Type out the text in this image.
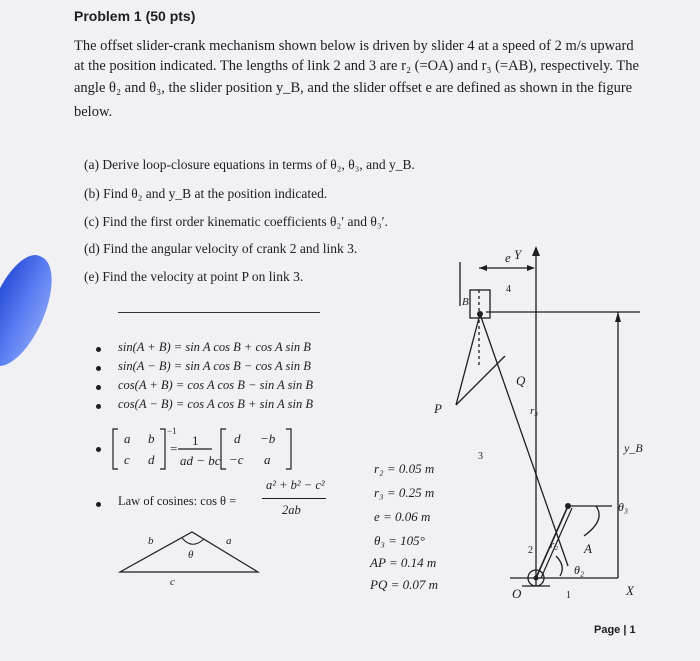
Problem 1 (50 pts)
The offset slider-crank mechanism shown below is driven by slider 4 at a speed of 2 m/s upward
at the position indicated. The lengths of link 2 and 3 are r₂ (=OA) and r₃ (=AB), respectively. The
angle θ₂ and θ₃, the slider position y_B, and the slider offset e are defined as shown in the figure
below.
(a) Derive loop-closure equations in terms of θ₂, θ₃, and y_B.
(b) Find θ₂ and y_B at the position indicated.
(c) Find the first order kinematic coefficients θ₂′ and θ₃′.
(d) Find the angular velocity of crank 2 and link 3.
(e) Find the velocity at point P on link 3.
sin(A + B) = sin A cos B + cos A sin B
sin(A − B) = sin A cos B − cos A sin B
cos(A + B) = cos A cos B − sin A sin B
cos(A − B) = cos A cos B + sin A sin B
a b
c d
−1
=
1
ad − bc
d −b
−c a
Law of cosines: cos θ =
a² + b² − c²
2ab
b
θ
a
c
r₂ = 0.05 m
r₃ = 0.25 m
e = 0.06 m
θ₃ = 105°
AP = 0.14 m
PQ = 0.07 m
Y
X
e
4
B
Q
P	r₃
3
y_B
θ₃
A
2 r₂
θ₂
O	1
Page | 1
